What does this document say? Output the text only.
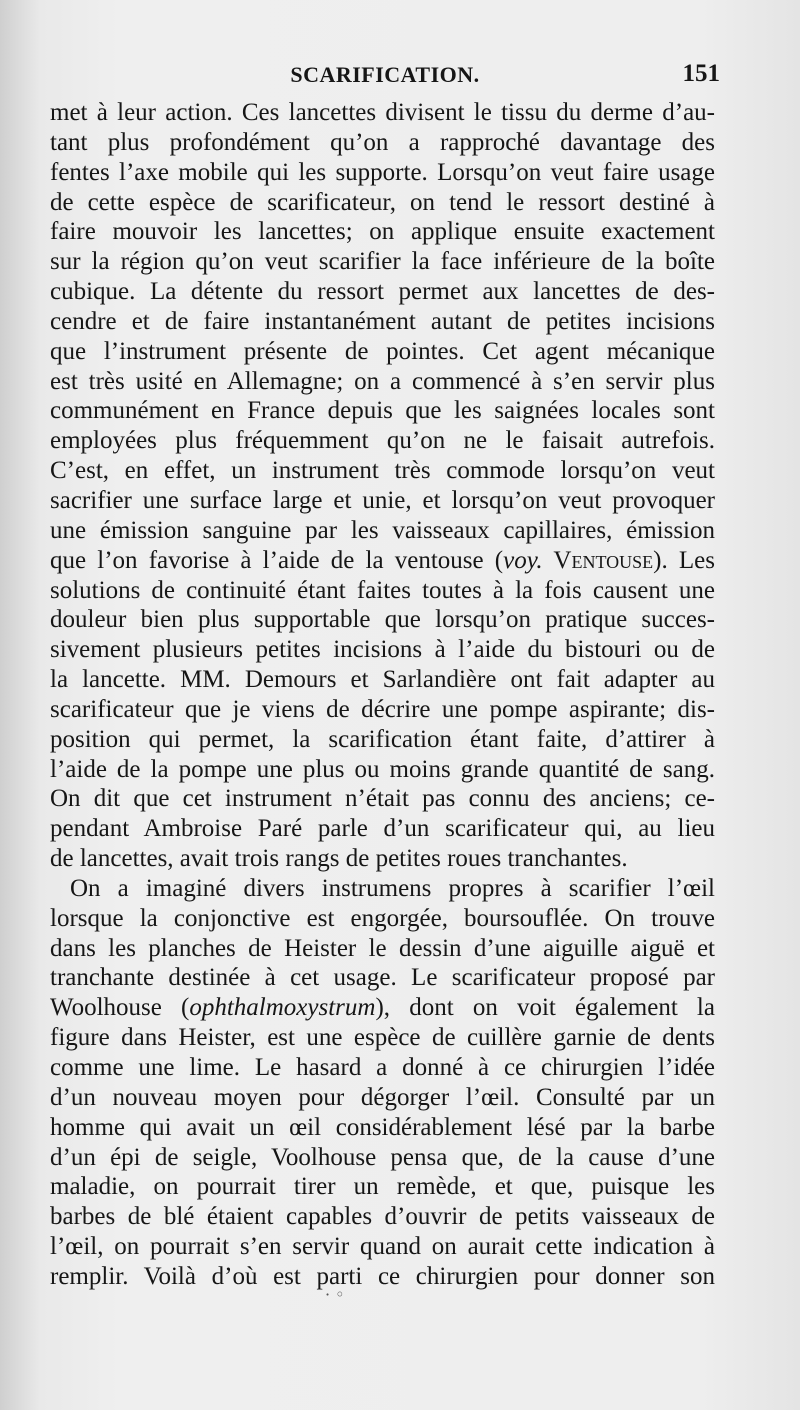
SCARIFICATION.	151
met à leur action. Ces lancettes divisent le tissu du derme d’au-
tant plus profondément qu’on a rapproché davantage des
fentes l’axe mobile qui les supporte. Lorsqu’on veut faire usage
de cette espèce de scarificateur, on tend le ressort destiné à
faire mouvoir les lancettes; on applique ensuite exactement
sur la région qu’on veut scarifier la face inférieure de la boîte
cubique. La détente du ressort permet aux lancettes de des-
cendre et de faire instantanément autant de petites incisions
que l’instrument présente de pointes. Cet agent mécanique
est très usité en Allemagne; on a commencé à s’en servir plus
communément en France depuis que les saignées locales sont
employées plus fréquemment qu’on ne le faisait autrefois.
C’est, en effet, un instrument très commode lorsqu’on veut
sacrifier une surface large et unie, et lorsqu’on veut provoquer
une émission sanguine par les vaisseaux capillaires, émission
que l’on favorise à l’aide de la ventouse (voy. Ventouse). Les
solutions de continuité étant faites toutes à la fois causent une
douleur bien plus supportable que lorsqu’on pratique succes-
sivement plusieurs petites incisions à l’aide du bistouri ou de
la lancette. MM. Demours et Sarlandière ont fait adapter au
scarificateur que je viens de décrire une pompe aspirante; dis-
position qui permet, la scarification étant faite, d’attirer à
l’aide de la pompe une plus ou moins grande quantité de sang.
On dit que cet instrument n’était pas connu des anciens; ce-
pendant Ambroise Paré parle d’un scarificateur qui, au lieu
de lancettes, avait trois rangs de petites roues tranchantes.
On a imaginé divers instrumens propres à scarifier l’œil
lorsque la conjonctive est engorgée, boursouflée. On trouve
dans les planches de Heister le dessin d’une aiguille aiguë et
tranchante destinée à cet usage. Le scarificateur proposé par
Woolhouse (ophthalmoxystrum), dont on voit également la
figure dans Heister, est une espèce de cuillère garnie de dents
comme une lime. Le hasard a donné à ce chirurgien l’idée
d’un nouveau moyen pour dégorger l’œil. Consulté par un
homme qui avait un œil considérablement lésé par la barbe
d’un épi de seigle, Voolhouse pensa que, de la cause d’une
maladie, on pourrait tirer un remède, et que, puisque les
barbes de blé étaient capables d’ouvrir de petits vaisseaux de
l’œil, on pourrait s’en servir quand on aurait cette indication à
remplir. Voilà d’où est parti ce chirurgien pour donner son
· ◦
